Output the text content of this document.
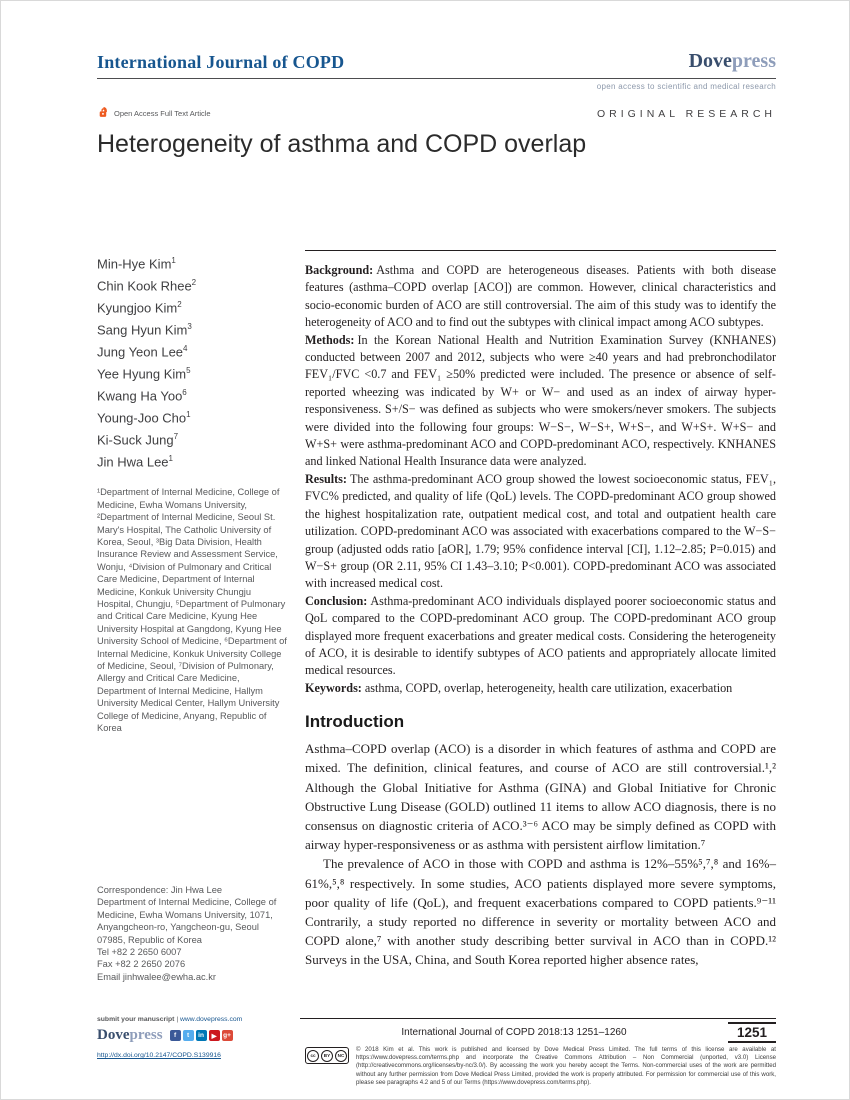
International Journal of COPD	Dovepress
open access to scientific and medical research
Open Access Full Text Article	ORIGINAL RESEARCH
Heterogeneity of asthma and COPD overlap
Min-Hye Kim$^1$
Chin Kook Rhee$^2$
Kyungjoo Kim$^2$
Sang Hyun Kim$^3$
Jung Yeon Lee$^4$
Yee Hyung Kim$^5$
Kwang Ha Yoo$^6$
Young-Joo Cho$^1$
Ki-Suck Jung$^7$
Jin Hwa Lee$^1$
¹Department of Internal Medicine, College of Medicine, Ewha Womans University, ²Department of Internal Medicine, Seoul St. Mary's Hospital, The Catholic University of Korea, Seoul, ³Big Data Division, Health Insurance Review and Assessment Service, Wonju, ⁴Division of Pulmonary and Critical Care Medicine, Department of Internal Medicine, Konkuk University Chungju Hospital, Chungju, ⁵Department of Pulmonary and Critical Care Medicine, Kyung Hee University Hospital at Gangdong, Kyung Hee University School of Medicine, ⁶Department of Internal Medicine, Konkuk University College of Medicine, Seoul, ⁷Division of Pulmonary, Allergy and Critical Care Medicine, Department of Internal Medicine, Hallym University Medical Center, Hallym University College of Medicine, Anyang, Republic of Korea
Correspondence: Jin Hwa Lee
Department of Internal Medicine, College of Medicine, Ewha Womans University, 1071, Anyangcheon-ro, Yangcheon-gu, Seoul 07985, Republic of Korea
Tel +82 2 2650 6007
Fax +82 2 2650 2076
Email jinhwalee@ewha.ac.kr

Background: Asthma and COPD are heterogeneous diseases. Patients with both disease features (asthma–COPD overlap [ACO]) are common. However, clinical characteristics and socio-economic burden of ACO are still controversial. The aim of this study was to identify the heterogeneity of ACO and to find out the subtypes with clinical impact among ACO subtypes.

Methods: In the Korean National Health and Nutrition Examination Survey (KNHANES) conducted between 2007 and 2012, subjects who were ≥40 years and had prebronchodilator FEV₁/FVC <0.7 and FEV₁ ≥50% predicted were included. The presence or absence of self-reported wheezing was indicated by W+ or W− and used as an index of airway hyper-responsiveness. S+/S− was defined as subjects who were smokers/never smokers. The subjects were divided into the following four groups: W−S−, W−S+, W+S−, and W+S+. W+S− and W+S+ were asthma-predominant ACO and COPD-predominant ACO, respectively. KNHANES and linked National Health Insurance data were analyzed.

Results: The asthma-predominant ACO group showed the lowest socioeconomic status, FEV₁, FVC% predicted, and quality of life (QoL) levels. The COPD-predominant ACO group showed the highest hospitalization rate, outpatient medical cost, and total and outpatient health care utilization. COPD-predominant ACO was associated with exacerbations compared to the W−S− group (adjusted odds ratio [aOR], 1.79; 95% confidence interval [CI], 1.12–2.85; P=0.015) and W−S+ group (OR 2.11, 95% CI 1.43–3.10; P<0.001). COPD-predominant ACO was associated with increased medical cost.

Conclusion: Asthma-predominant ACO individuals displayed poorer socioeconomic status and QoL compared to the COPD-predominant ACO group. The COPD-predominant ACO group displayed more frequent exacerbations and greater medical costs. Considering the heterogeneity of ACO, it is desirable to identify subtypes of ACO patients and appropriately allocate limited medical resources.

Keywords: asthma, COPD, overlap, heterogeneity, health care utilization, exacerbation

Introduction

Asthma–COPD overlap (ACO) is a disorder in which features of asthma and COPD are mixed. The definition, clinical features, and course of ACO are still controversial.¹,² Although the Global Initiative for Asthma (GINA) and Global Initiative for Chronic Obstructive Lung Disease (GOLD) outlined 11 items to allow ACO diagnosis, there is no consensus on diagnostic criteria of ACO.³⁻⁶ ACO may be simply defined as COPD with airway hyper-responsiveness or as asthma with persistent airflow limitation.⁷

The prevalence of ACO in those with COPD and asthma is 12%–55%⁵,⁷,⁸ and 16%–61%,⁵,⁸ respectively. In some studies, ACO patients displayed more severe symptoms, poor quality of life (QoL), and frequent exacerbations compared to COPD patients.⁹⁻¹¹ Contrarily, a study reported no difference in severity or mortality between ACO and COPD alone,⁷ with another study describing better survival in ACO than in COPD.¹² Surveys in the USA, China, and South Korea reported higher absence rates,

submit your manuscript | www.dovepress.com
Dovepress	f	t	in	▶	g+
http://dx.doi.org/10.2147/COPD.S139916
International Journal of COPD 2018:13 1251–1260	1251
cc	BY	NC
© 2018 Kim et al. This work is published and licensed by Dove Medical Press Limited. The full terms of this license are available at https://www.dovepress.com/terms.php and incorporate the Creative Commons Attribution – Non Commercial (unported, v3.0) License (http://creativecommons.org/licenses/by-nc/3.0/). By accessing the work you hereby accept the Terms. Non-commercial uses of the work are permitted without any further permission from Dove Medical Press Limited, provided the work is properly attributed. For permission for commercial use of this work, please see paragraphs 4.2 and 5 of our Terms (https://www.dovepress.com/terms.php).
